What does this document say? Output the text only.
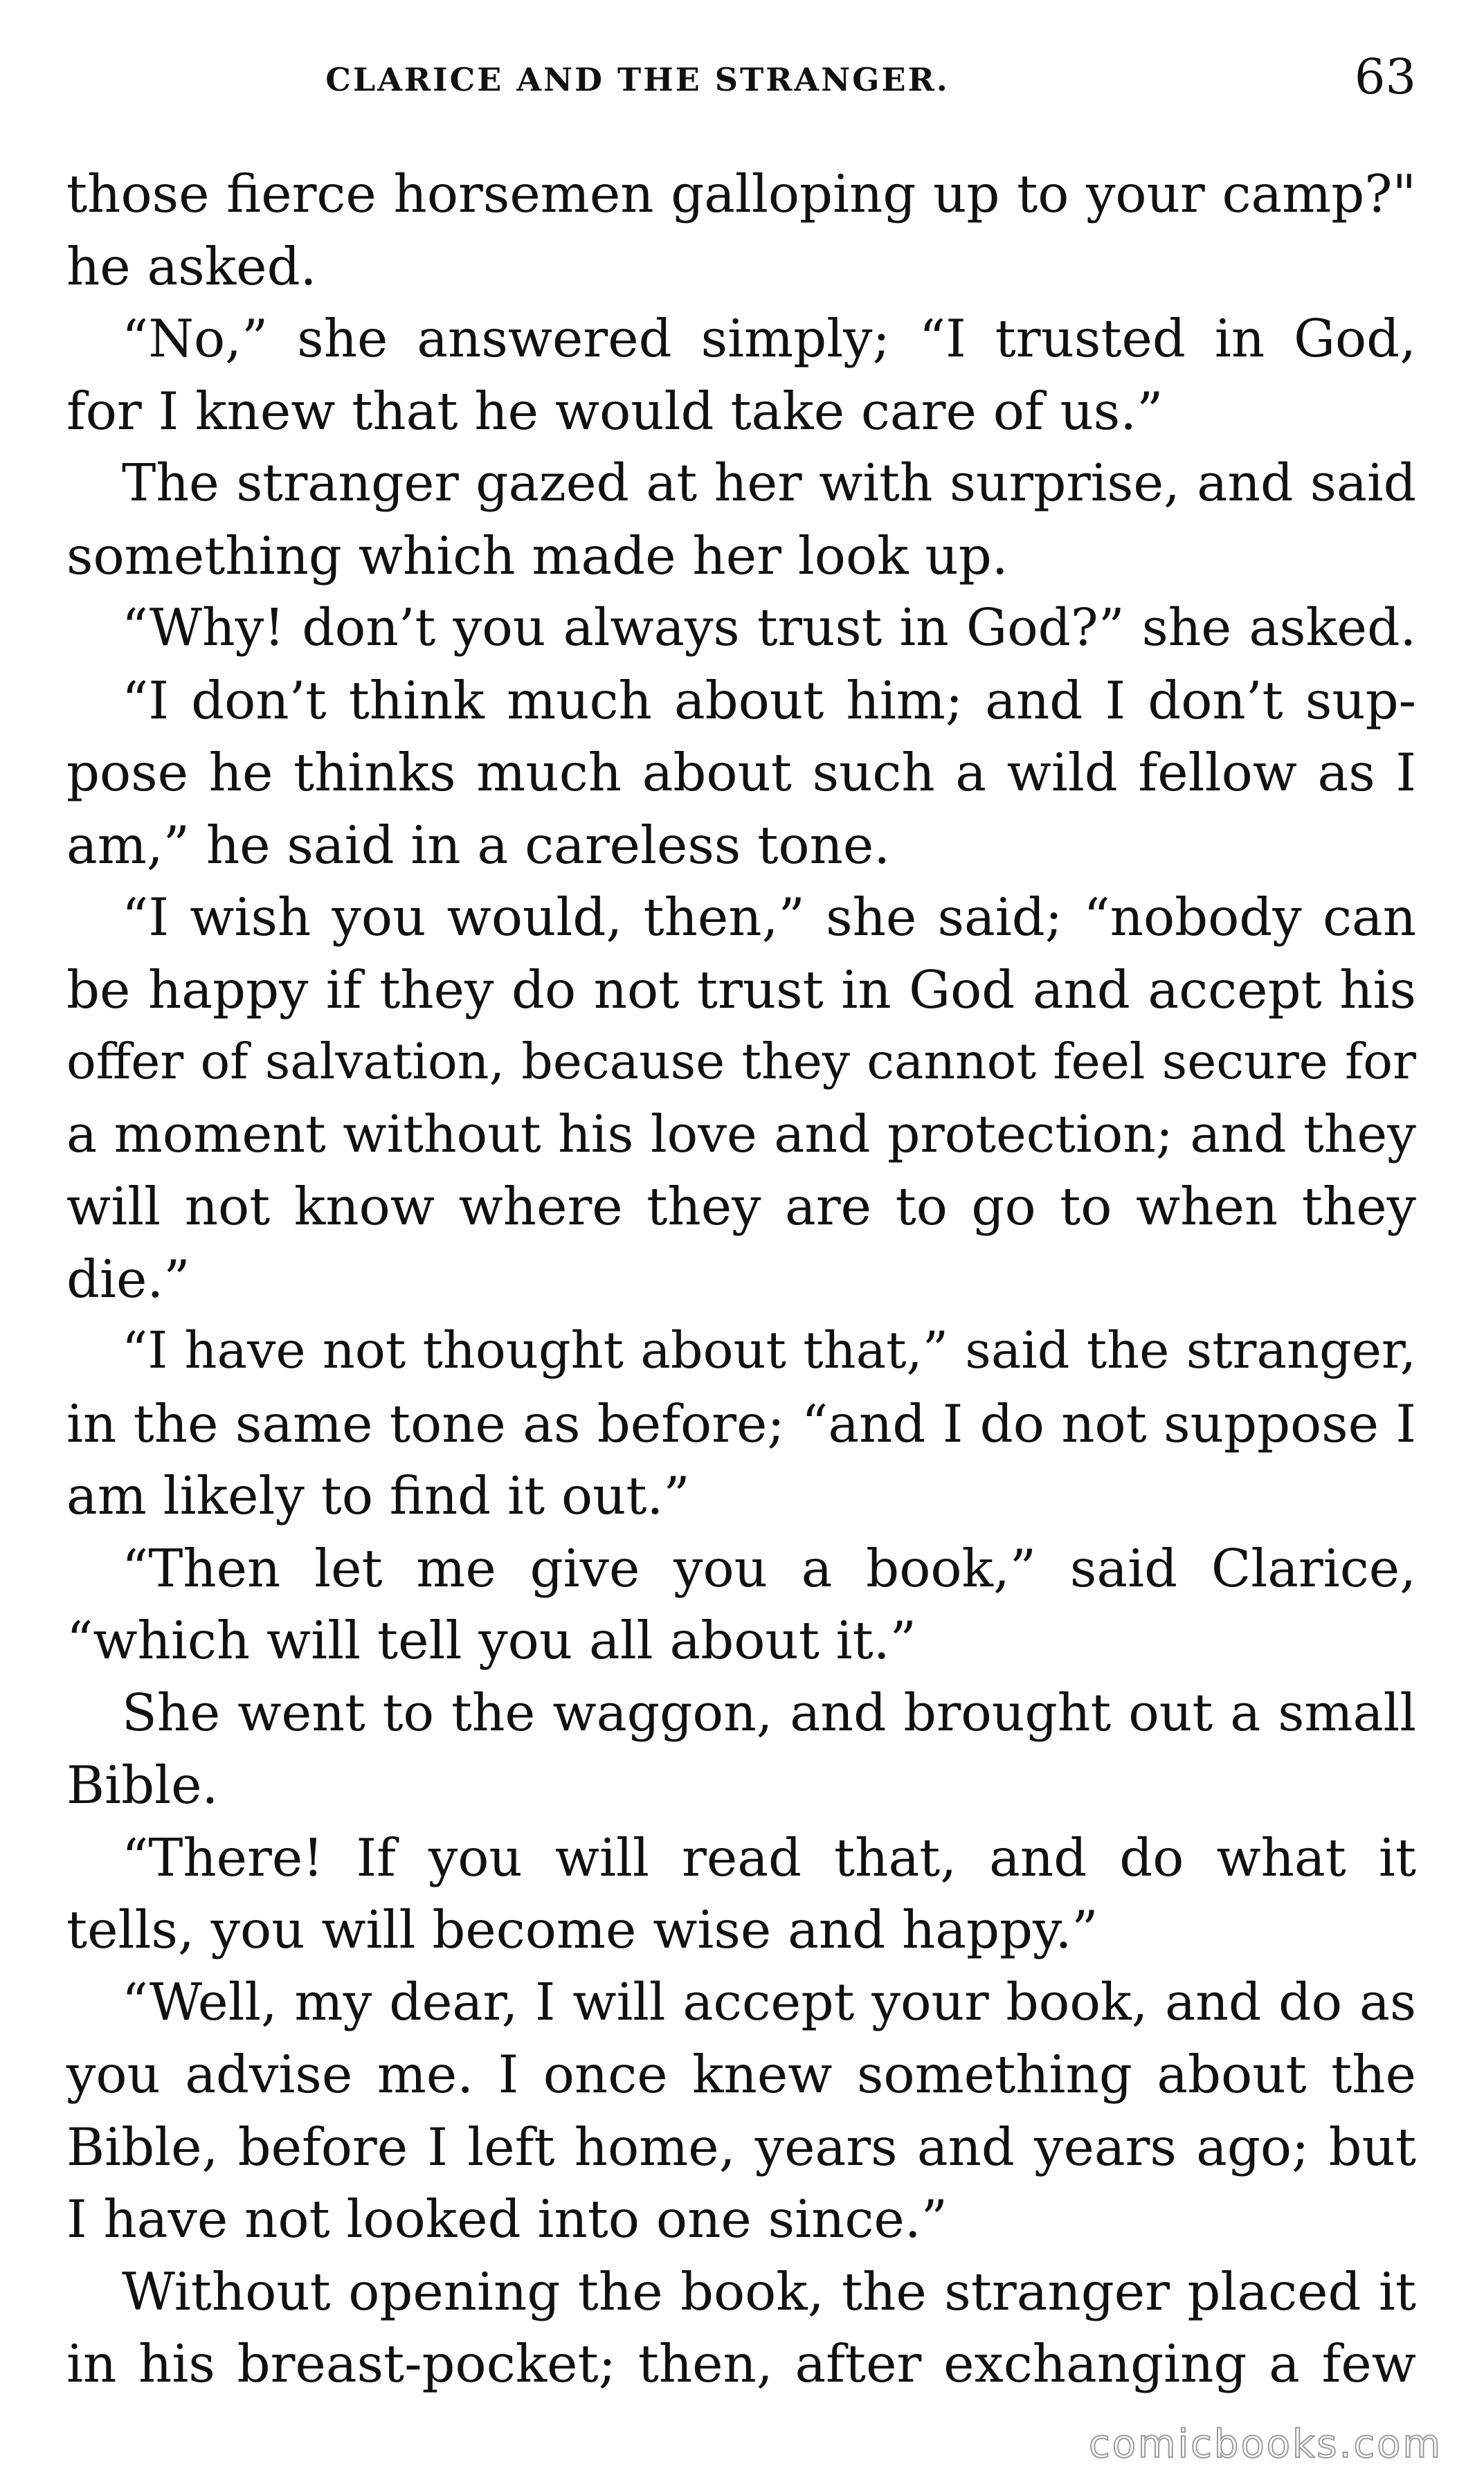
CLARICE AND THE STRANGER.	63
those fierce horsemen galloping up to your camp?"
he asked.
“No,” she answered simply; “I trusted in God,
for I knew that he would take care of us.”
The stranger gazed at her with surprise, and said
something which made her look up.
“Why! don’t you always trust in God?” she asked.
“I don’t think much about him; and I don’t sup-
pose he thinks much about such a wild fellow as I
am,” he said in a careless tone.
“I wish you would, then,” she said; “nobody can
be happy if they do not trust in God and accept his
offer of salvation, because they cannot feel secure for
a moment without his love and protection; and they
will not know where they are to go to when they
die.”
“I have not thought about that,” said the stranger,
in the same tone as before; “and I do not suppose I
am likely to find it out.”
“Then let me give you a book,” said Clarice,
“which will tell you all about it.”
She went to the waggon, and brought out a small
Bible.
“There! If you will read that, and do what it
tells, you will become wise and happy.”
“Well, my dear, I will accept your book, and do as
you advise me. I once knew something about the
Bible, before I left home, years and years ago; but
I have not looked into one since.”
Without opening the book, the stranger placed it
in his breast-pocket; then, after exchanging a few
comicbooks.com
